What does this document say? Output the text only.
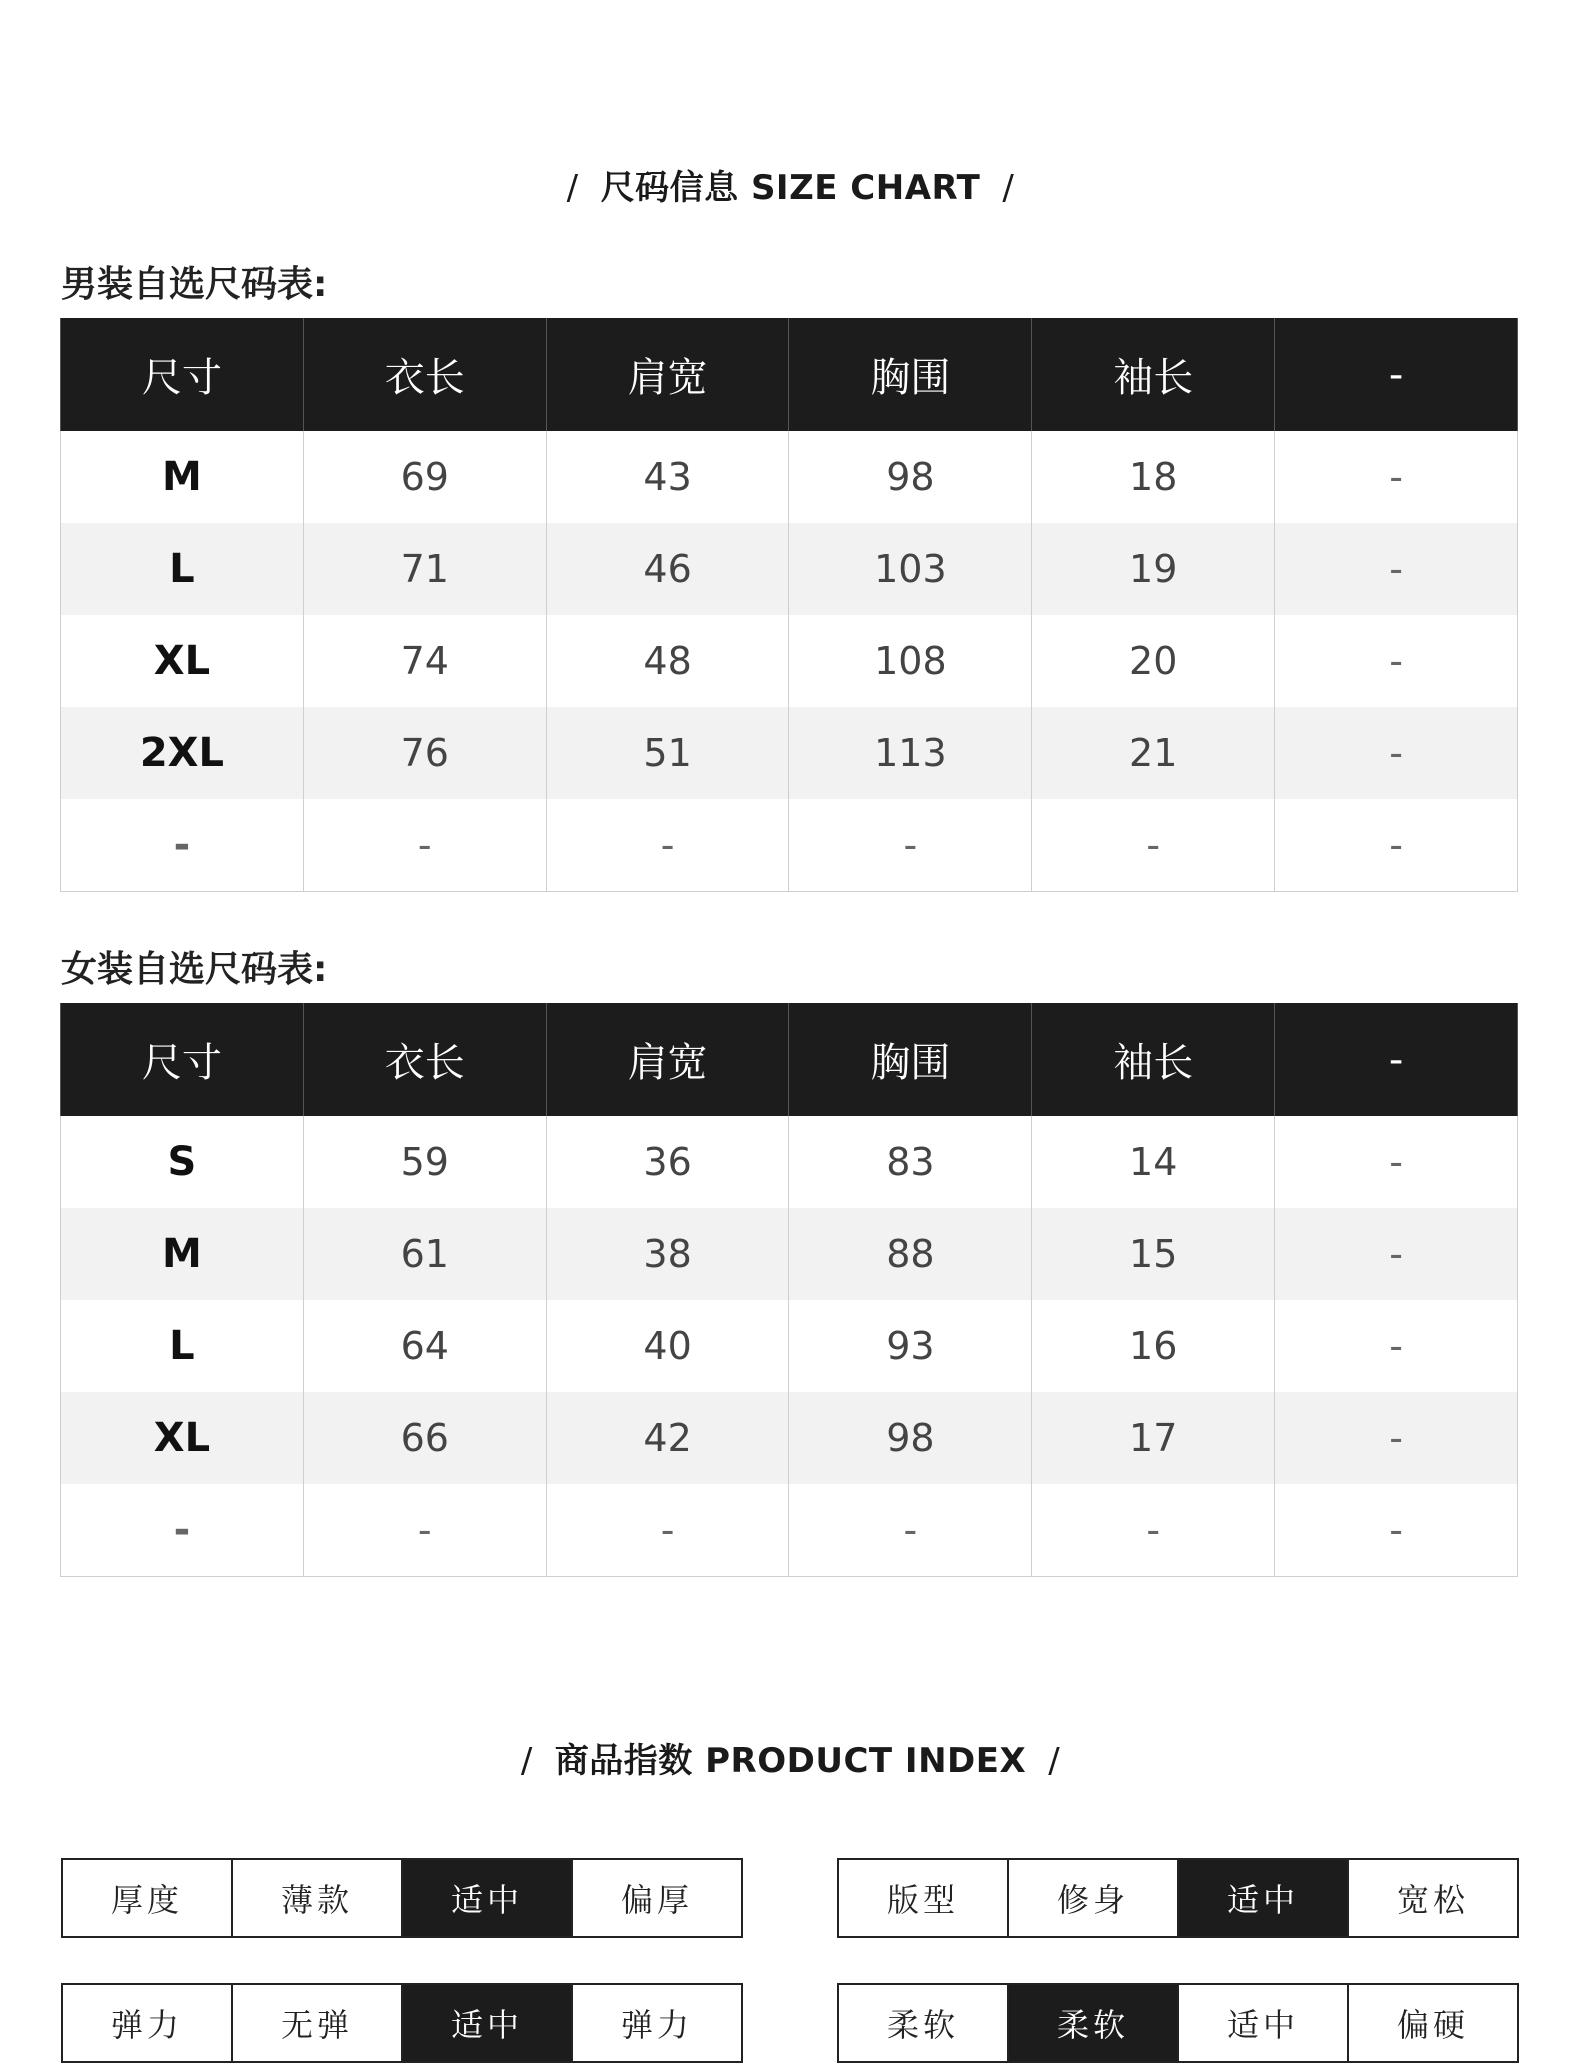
/ 尺码信息 SIZE CHART /
男装自选尺码表:
尺寸	衣长	肩宽	胸围	袖长	-
M	69	43	98	18	-
L	71	46	103	19	-
XL	74	48	108	20	-
2XL	76	51	113	21	-
-	-	-	-	-	-
女装自选尺码表:
尺寸	衣长	肩宽	胸围	袖长	-
S	59	36	83	14	-
M	61	38	88	15	-
L	64	40	93	16	-
XL	66	42	98	17	-
-	-	-	-	-	-
/ 商品指数 PRODUCT INDEX /
厚度	薄款	适中	偏厚	版型	修身	适中	宽松
弹力	无弹	适中	弹力	柔软	柔软	适中	偏硬
